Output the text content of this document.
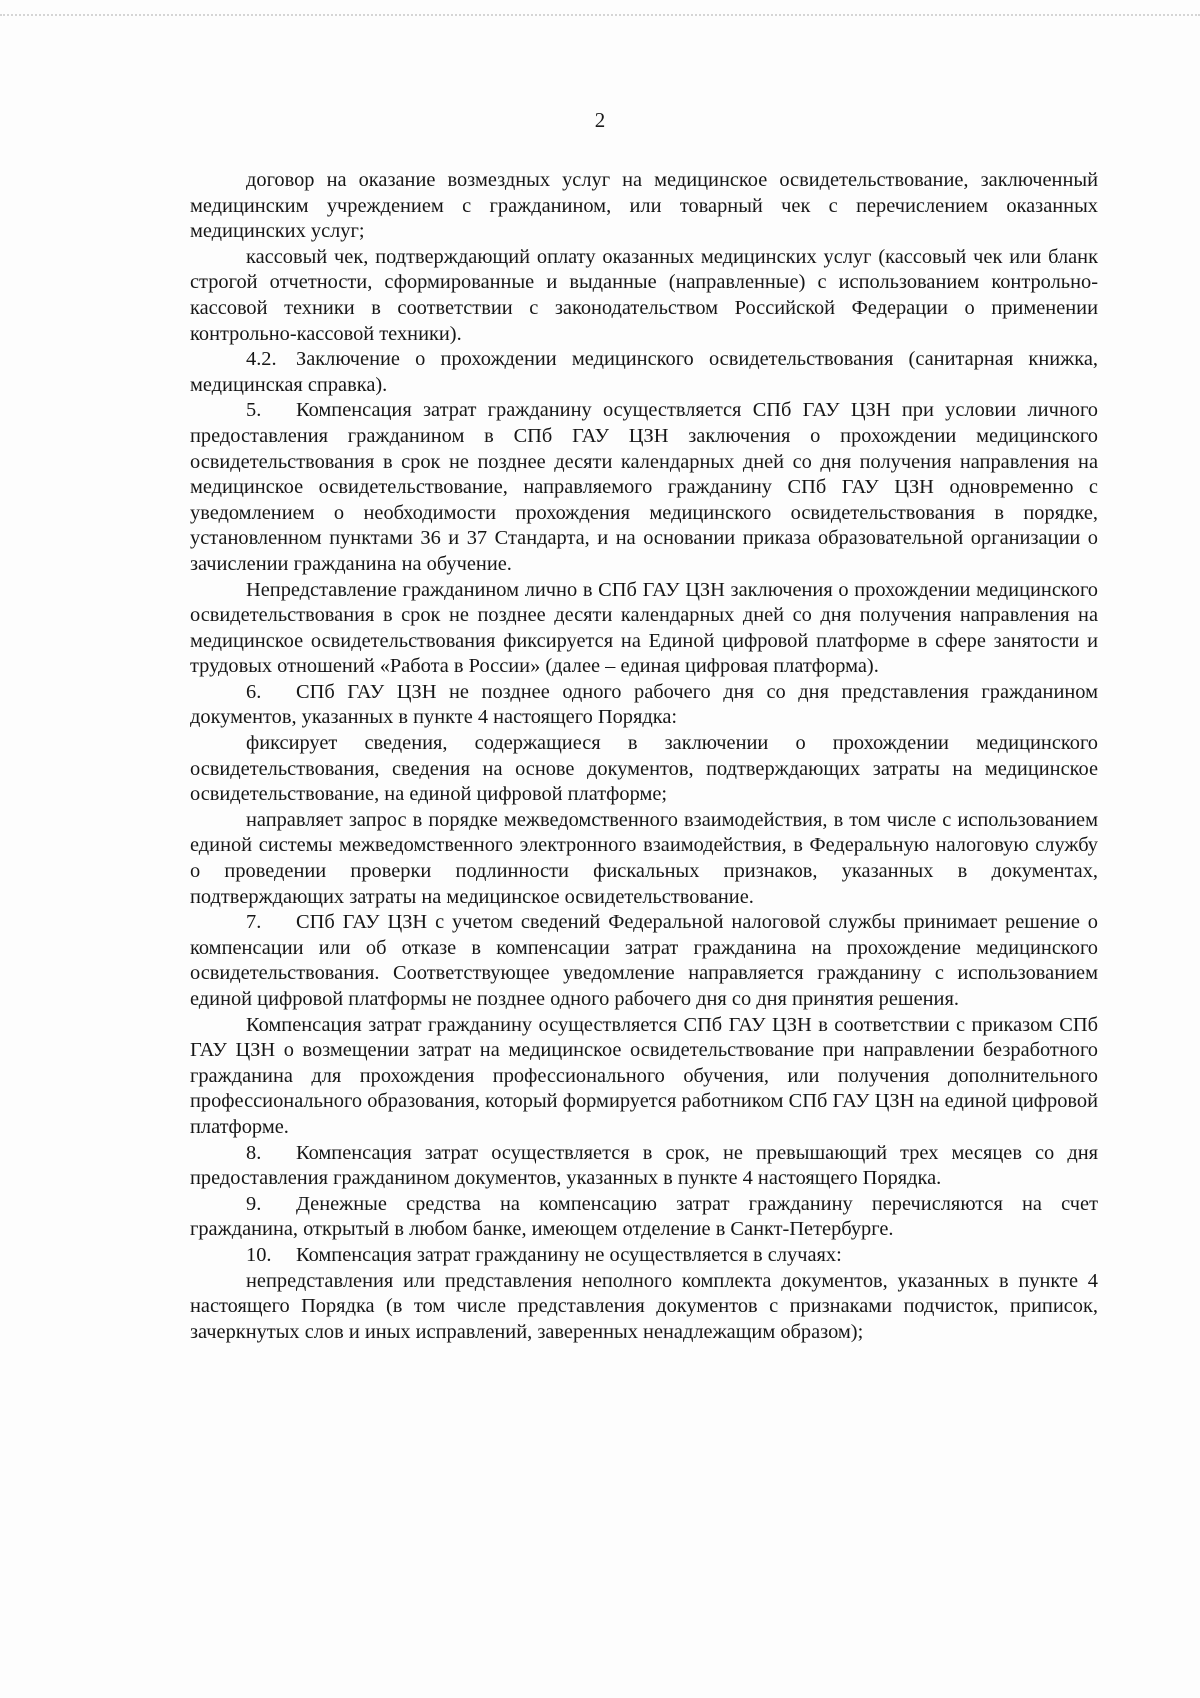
2

договор на оказание возмездных услуг на медицинское освидетельствование, заключенный медицинским учреждением с гражданином, или товарный чек с перечислением оказанных медицинских услуг;

кассовый чек, подтверждающий оплату оказанных медицинских услуг (кассовый чек или бланк строгой отчетности, сформированные и выданные (направленные) с использованием контрольно-кассовой техники в соответствии с законодательством Российской Федерации о применении контрольно-кассовой техники).

4.2. Заключение о прохождении медицинского освидетельствования (санитарная книжка, медицинская справка).

5. Компенсация затрат гражданину осуществляется СПб ГАУ ЦЗН при условии личного предоставления гражданином в СПб ГАУ ЦЗН заключения о прохождении медицинского освидетельствования в срок не позднее десяти календарных дней со дня получения направления на медицинское освидетельствование, направляемого гражданину СПб ГАУ ЦЗН одновременно с уведомлением о необходимости прохождения медицинского освидетельствования в порядке, установленном пунктами 36 и 37 Стандарта, и на основании приказа образовательной организации о зачислении гражданина на обучение.

Непредставление гражданином лично в СПб ГАУ ЦЗН заключения о прохождении медицинского освидетельствования в срок не позднее десяти календарных дней со дня получения направления на медицинское освидетельствования фиксируется на Единой цифровой платформе в сфере занятости и трудовых отношений «Работа в России» (далее – единая цифровая платформа).

6. СПб ГАУ ЦЗН не позднее одного рабочего дня со дня представления гражданином документов, указанных в пункте 4 настоящего Порядка:

фиксирует сведения, содержащиеся в заключении о прохождении медицинского освидетельствования, сведения на основе документов, подтверждающих затраты на медицинское освидетельствование, на единой цифровой платформе;

направляет запрос в порядке межведомственного взаимодействия, в том числе с использованием единой системы межведомственного электронного взаимодействия, в Федеральную налоговую службу о проведении проверки подлинности фискальных признаков, указанных в документах, подтверждающих затраты на медицинское освидетельствование.

7. СПб ГАУ ЦЗН с учетом сведений Федеральной налоговой службы принимает решение о компенсации или об отказе в компенсации затрат гражданина на прохождение медицинского освидетельствования. Соответствующее уведомление направляется гражданину с использованием единой цифровой платформы не позднее одного рабочего дня со дня принятия решения.

Компенсация затрат гражданину осуществляется СПб ГАУ ЦЗН в соответствии с приказом СПб ГАУ ЦЗН о возмещении затрат на медицинское освидетельствование при направлении безработного гражданина для прохождения профессионального обучения, или получения дополнительного профессионального образования, который формируется работником СПб ГАУ ЦЗН на единой цифровой платформе.

8. Компенсация затрат осуществляется в срок, не превышающий трех месяцев со дня предоставления гражданином документов, указанных в пункте 4 настоящего Порядка.

9. Денежные средства на компенсацию затрат гражданину перечисляются на счет гражданина, открытый в любом банке, имеющем отделение в Санкт-Петербурге.

10. Компенсация затрат гражданину не осуществляется в случаях:

непредставления или представления неполного комплекта документов, указанных в пункте 4 настоящего Порядка (в том числе представления документов с признаками подчисток, приписок, зачеркнутых слов и иных исправлений, заверенных ненадлежащим образом);
